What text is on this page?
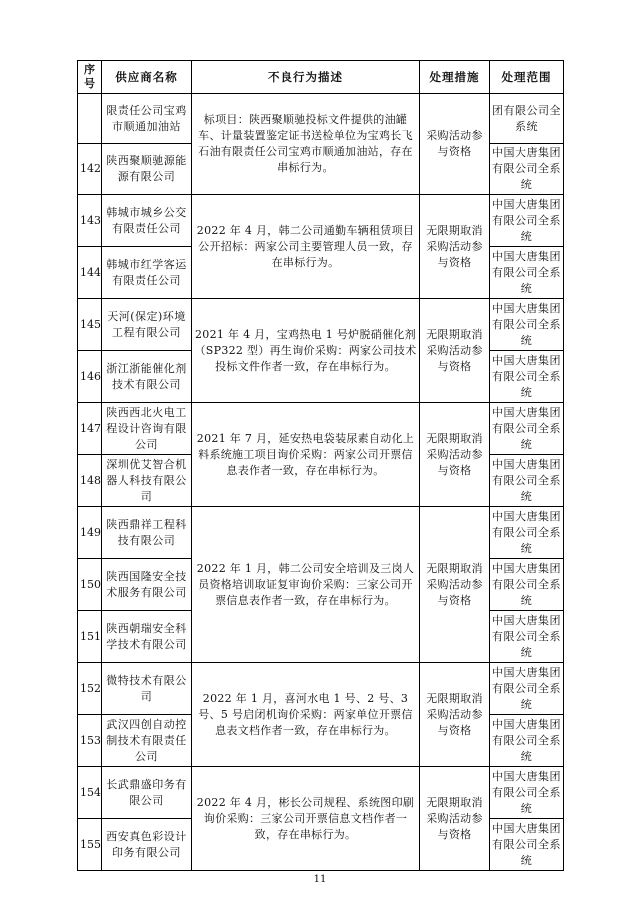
序号	供应商名称	不良行为描述	处理措施	处理范围
	限责任公司宝鸡市顺通加油站	标项目：陕西聚顺驰投标文件提供的油罐车、计量装置鉴定证书送检单位为宝鸡长飞石油有限责任公司宝鸡市顺通加油站，存在串标行为。	采购活动参与资格	团有限公司全系统
142	陕西聚顺驰源能源有限公司			中国大唐集团有限公司全系统
143	韩城市城乡公交有限责任公司	2022 年 4 月，韩二公司通勤车辆租赁项目公开招标：两家公司主要管理人员一致，存在串标行为。	无限期取消采购活动参与资格	中国大唐集团有限公司全系统
144	韩城市红学客运有限责任公司			中国大唐集团有限公司全系统
145	天河(保定)环境工程有限公司	2021 年 4 月，宝鸡热电 1 号炉脱硝催化剂（SP322 型）再生询价采购：两家公司技术投标文件作者一致，存在串标行为。	无限期取消采购活动参与资格	中国大唐集团有限公司全系统
146	浙江浙能催化剂技术有限公司			中国大唐集团有限公司全系统
147	陕西西北火电工程设计咨询有限公司	2021 年 7 月，延安热电袋装尿素自动化上料系统施工项目询价采购：两家公司开票信息表作者一致，存在串标行为。	无限期取消采购活动参与资格	中国大唐集团有限公司全系统
148	深圳优艾智合机器人科技有限公司			中国大唐集团有限公司全系统
149	陕西鼎祥工程科技有限公司	2022 年 1 月，韩二公司安全培训及三岗人员资格培训取证复审询价采购：三家公司开票信息表作者一致，存在串标行为。	无限期取消采购活动参与资格	中国大唐集团有限公司全系统
150	陕西国隆安全技术服务有限公司			中国大唐集团有限公司全系统
151	陕西朝瑞安全科学技术有限公司			中国大唐集团有限公司全系统
152	微特技术有限公司	2022 年 1 月，喜河水电 1 号、2 号、3 号、5 号启闭机询价采购：两家单位开票信息表文档作者一致，存在串标行为。	无限期取消采购活动参与资格	中国大唐集团有限公司全系统
153	武汉四创自动控制技术有限责任公司			中国大唐集团有限公司全系统
154	长武鼎盛印务有限公司	2022 年 4 月，彬长公司规程、系统图印刷询价采购：三家公司开票信息文档作者一致，存在串标行为。	无限期取消采购活动参与资格	中国大唐集团有限公司全系统
155	西安真色彩设计印务有限公司			中国大唐集团有限公司全系统
11
